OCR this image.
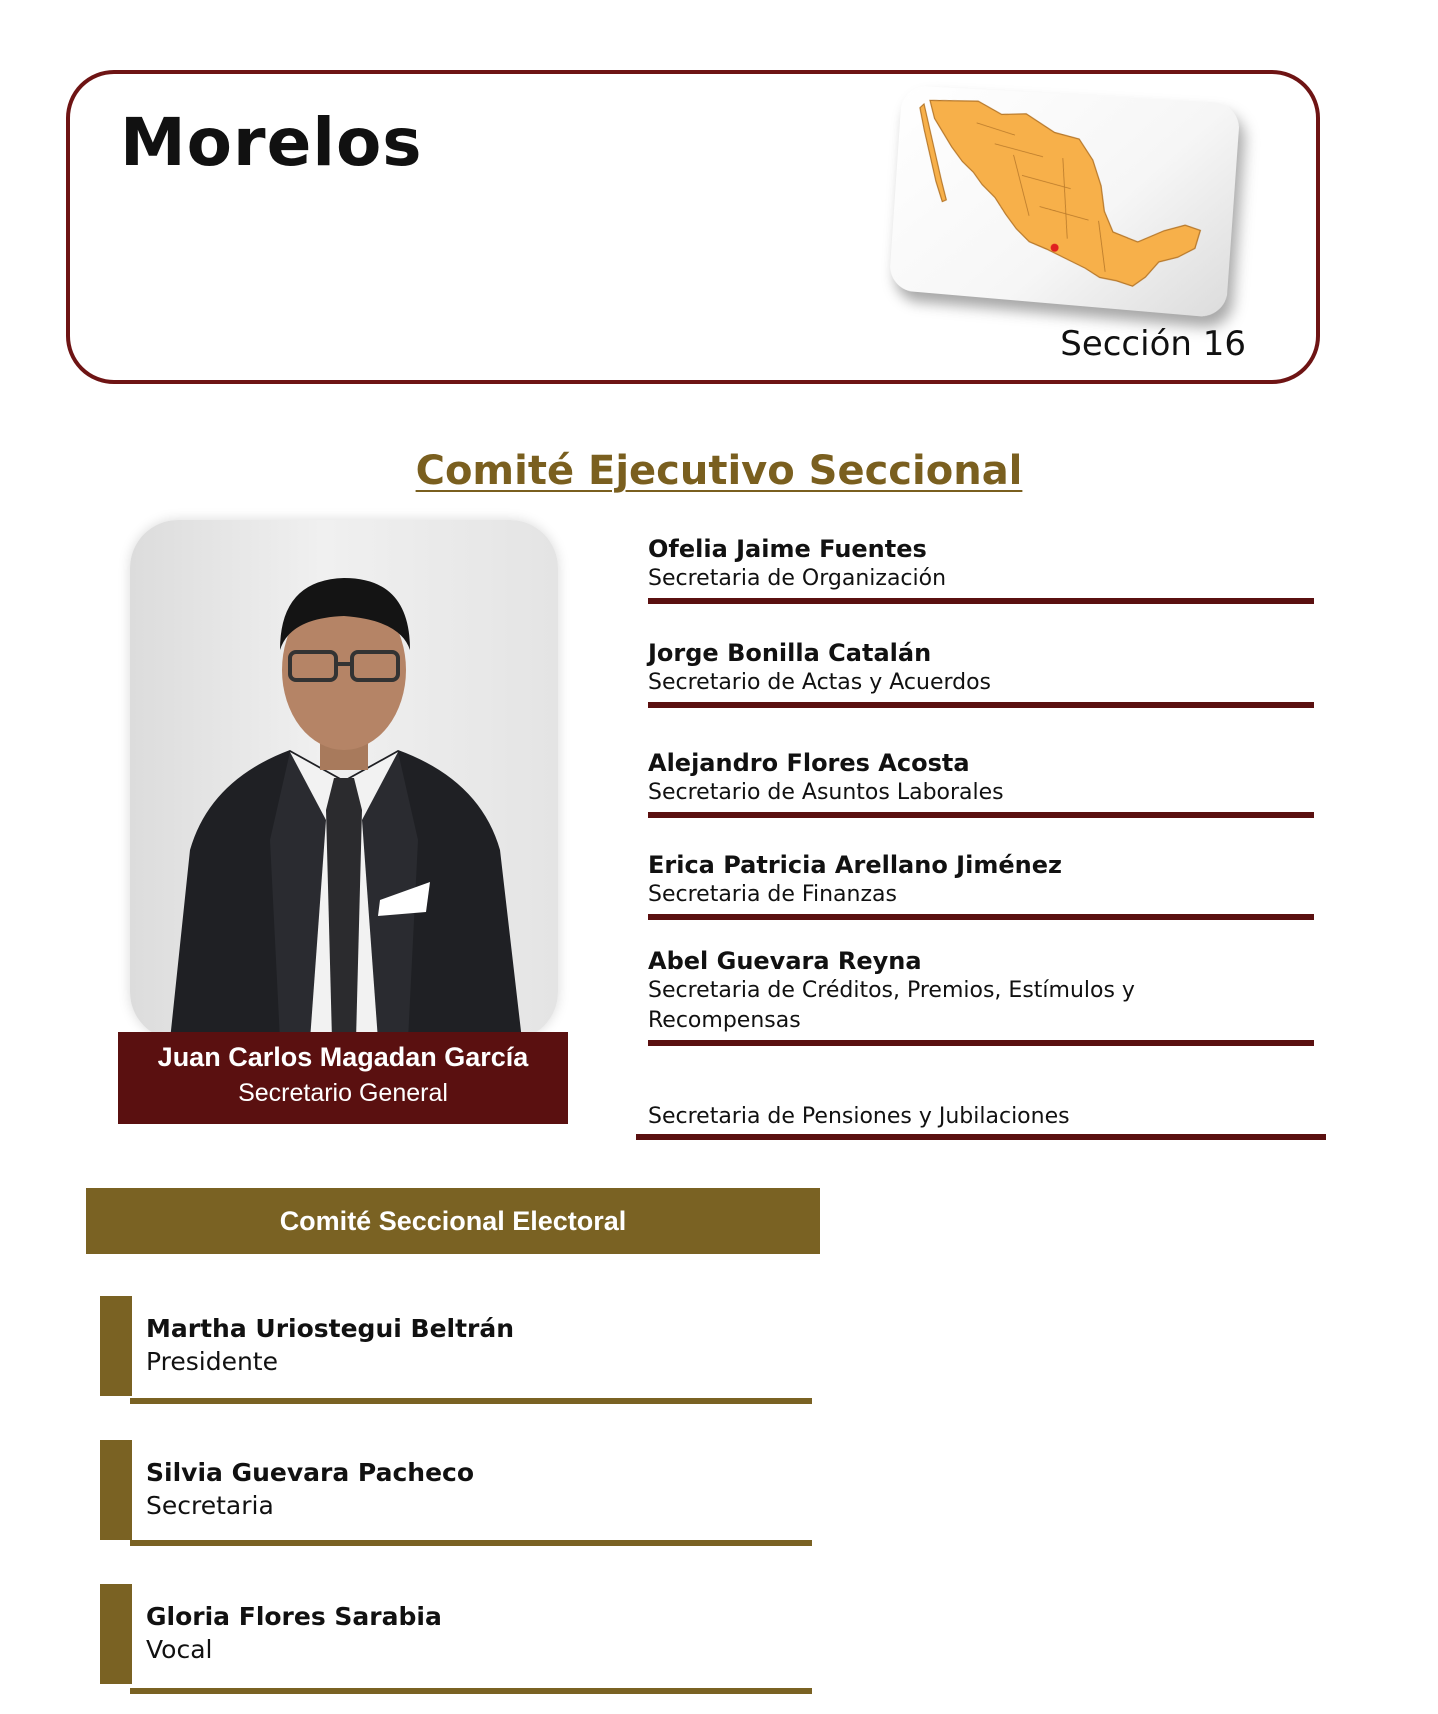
Morelos
Sección 16
Comité Ejecutivo Seccional
Juan Carlos Magadan García
Secretario General
Ofelia Jaime Fuentes
Secretaria de Organización
Jorge Bonilla Catalán
Secretario de Actas y Acuerdos
Alejandro Flores Acosta
Secretario de Asuntos Laborales
Erica Patricia Arellano Jiménez
Secretaria de Finanzas
Abel Guevara Reyna
Secretaria de Créditos, Premios, Estímulos y Recompensas
Secretaria de Pensiones y Jubilaciones
Comité Seccional Electoral
Martha Uriostegui Beltrán
Presidente
Silvia Guevara Pacheco
Secretaria
Gloria Flores Sarabia
Vocal
